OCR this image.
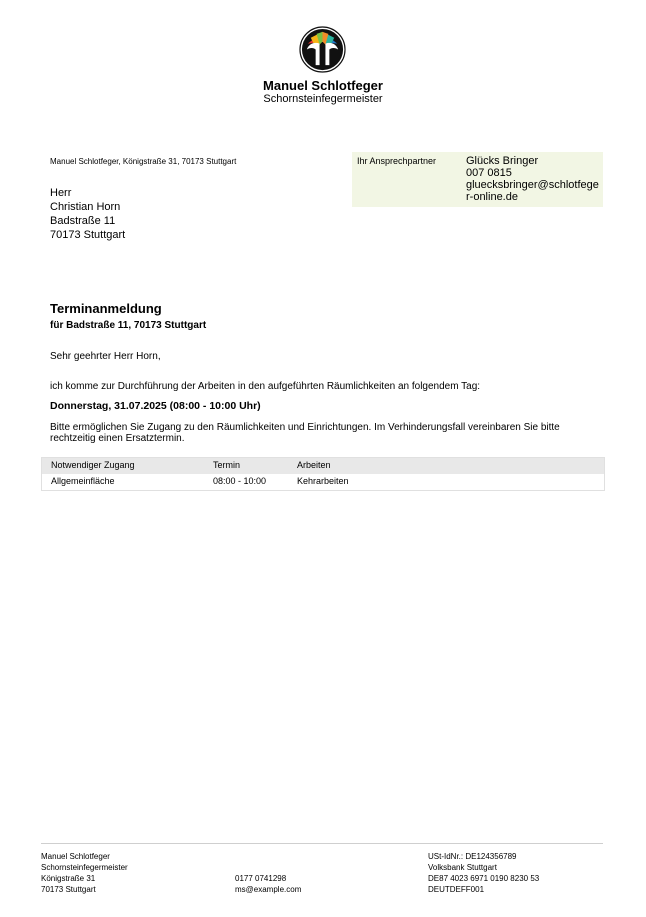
Manuel Schlotfeger
Schornsteinfegermeister
Manuel Schlotfeger, Königstraße 31, 70173 Stuttgart
Herr
Christian Horn
Badstraße 11
70173 Stuttgart
Ihr Ansprechpartner	Glücks Bringer
007 0815
gluecksbringer@schlotfeger-online.de
Terminanmeldung
für Badstraße 11, 70173 Stuttgart
Sehr geehrter Herr Horn,
ich komme zur Durchführung der Arbeiten in den aufgeführten Räumlichkeiten an folgendem Tag:
Donnerstag, 31.07.2025 (08:00 - 10:00 Uhr)
Bitte ermöglichen Sie Zugang zu den Räumlichkeiten und Einrichtungen. Im Verhinderungsfall vereinbaren Sie bitte rechtzeitig einen Ersatztermin.
Notwendiger Zugang	Termin	Arbeiten
Allgemeinfläche	08:00 - 10:00	Kehrarbeiten
Manuel Schlotfeger
Schornsteinfegermeister
Königstraße 31
70173 Stuttgart
0177 0741298
ms@example.com
USt-IdNr.: DE124356789
Volksbank Stuttgart
DE87 4023 6971 0190 8230 53
DEUTDEFF001
